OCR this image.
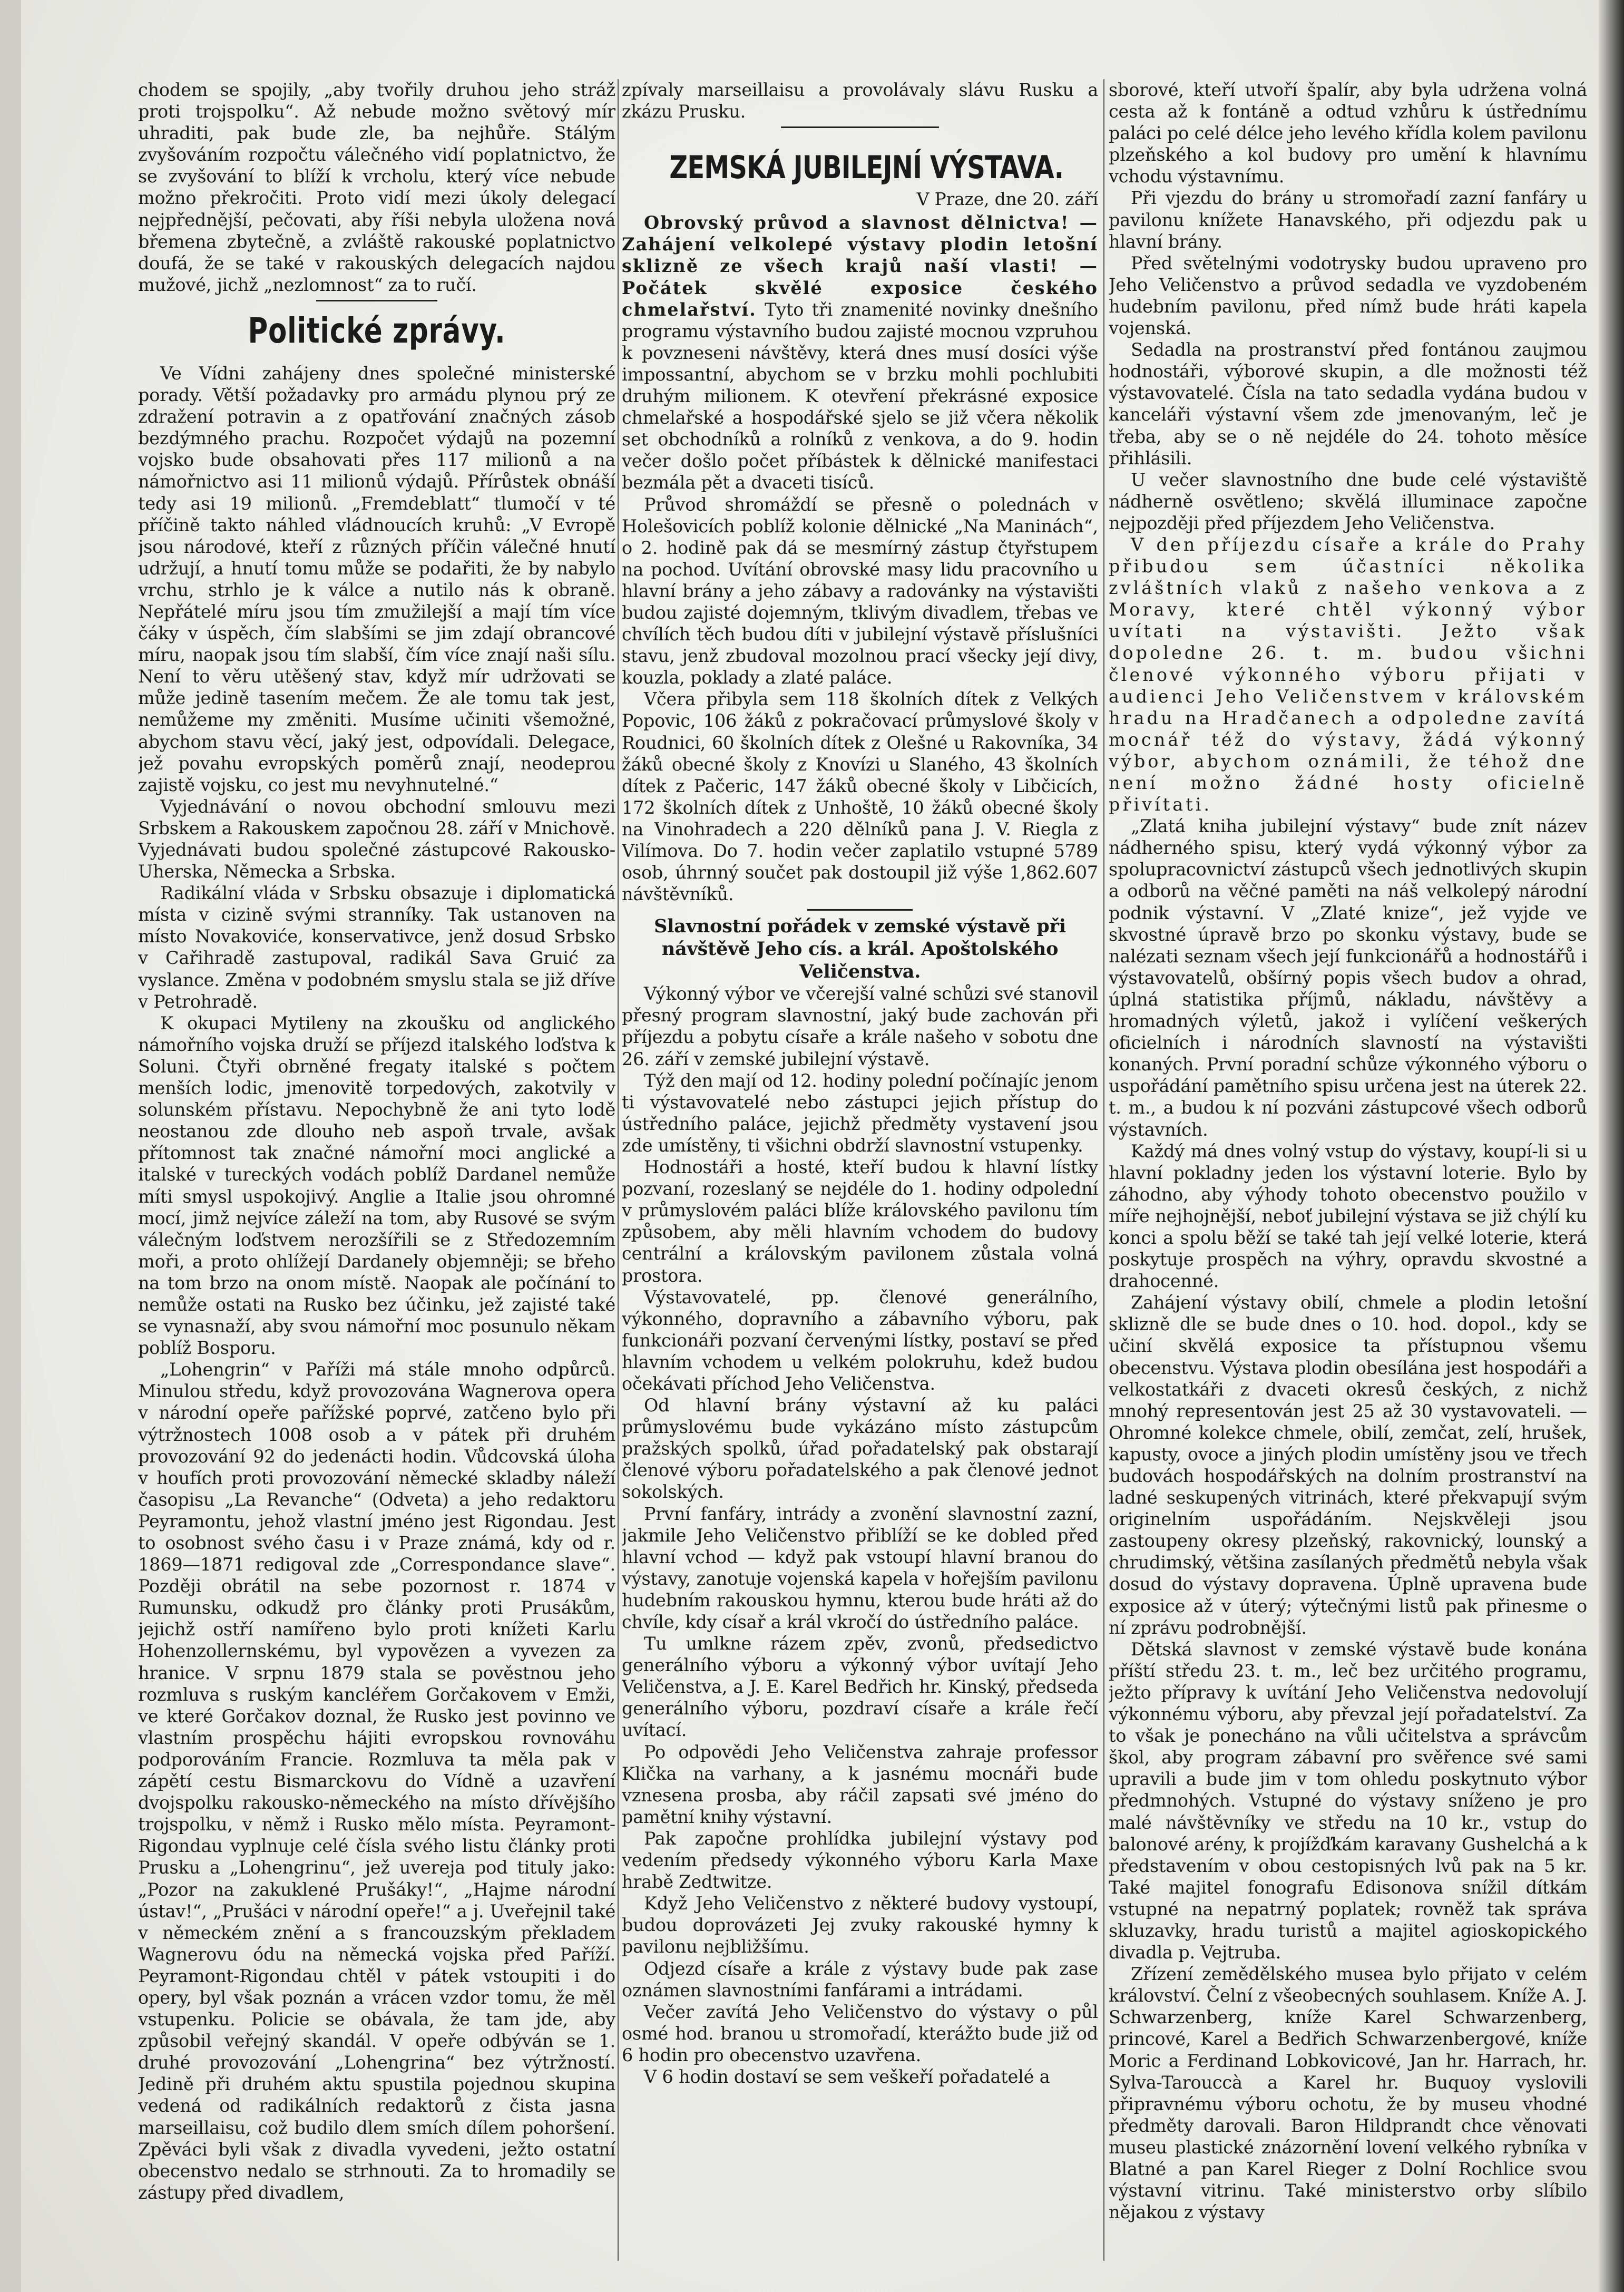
chodem se spojily, „aby tvořily druhou jeho stráž proti trojspolku“. Až nebude možno světový mír uhraditi, pak bude zle, ba nejhůře. Stálým zvyšováním rozpočtu válečného vidí poplatnictvo, že se zvyšování to blíží k vrcholu, který více nebude možno překročiti. Proto vidí mezi úkoly delegací nejpřednější, pečovati, aby říši nebyla uložena nová břemena zbytečně, a zvláště rakouské poplatnictvo doufá, že se také v rakouských delegacích najdou mužové, jichž „nezlomnost“ za to ručí.

Politické zprávy.

Ve Vídni zahájeny dnes společné ministerské porady. Větší požadavky pro armádu plynou prý ze zdražení potravin a z opatřování značných zásob bezdýmného prachu. Rozpočet výdajů na pozemní vojsko bude obsahovati přes 117 milionů a na námořnictvo asi 11 milionů výdajů. Přírůstek obnáší tedy asi 19 milionů. „Fremdeblatt“ tlumočí v té příčině takto náhled vládnoucích kruhů: „V Evropě jsou národové, kteří z různých příčin válečné hnutí udržují, a hnutí tomu může se podařiti, že by nabylo vrchu, strhlo je k válce a nutilo nás k obraně. Nepřátelé míru jsou tím zmužilejší a mají tím více čáky v úspěch, čím slabšími se jim zdají obrancové míru, naopak jsou tím slabší, čím více znají naši sílu. Není to věru utěšený stav, když mír udržovati se může jedině tasením mečem. Že ale tomu tak jest, nemůžeme my změniti. Musíme učiniti všemožné, abychom stavu věcí, jaký jest, odpovídali. Delegace, jež povahu evropských poměrů znají, neodeprou zajistě vojsku, co jest mu nevyhnutelné.“

Vyjednávání o novou obchodní smlouvu mezi Srbskem a Rakouskem započnou 28. září v Mnichově. Vyjednávati budou společné zástupcové Rakousko-Uherska, Německa a Srbska.

Radikální vláda v Srbsku obsazuje i diplomatická místa v cizině svými stranníky. Tak ustanoven na místo Novakoviće, konservativce, jenž dosud Srbsko v Cařihradě zastupoval, radikál Sava Gruić za vyslance. Změna v podobném smyslu stala se již dříve v Petrohradě.

K okupaci Mytileny na zkoušku od anglického námořního vojska druží se příjezd italského loďstva k Soluni. Čtyři obrněné fregaty italské s počtem menších lodic, jmenovitě torpedových, zakotvily v solunském přístavu. Nepochybně že ani tyto lodě neostanou zde dlouho neb aspoň trvale, avšak přítomnost tak značné námořní moci anglické a italské v tureckých vodách poblíž Dardanel nemůže míti smysl uspokojivý. Anglie a Italie jsou ohromné mocí, jimž nejvíce záleží na tom, aby Rusové se svým válečným loďstvem nerozšířili se z Středozemním moři, a proto ohlížejí Dardanely objemněji; se břeho na tom brzo na onom místě. Naopak ale počínání to nemůže ostati na Rusko bez účinku, jež zajisté také se vynasnaží, aby svou námořní moc posunulo někam poblíž Bosporu.

„Lohengrin“ v Paříži má stále mnoho odpůrců. Minulou středu, když provozována Wagnerova opera v národní opeře pařížské poprvé, zatčeno bylo při výtržnostech 1008 osob a v pátek při druhém provozování 92 do jedenácti hodin. Vůdcovská úloha v houfích proti provozování německé skladby náleží časopisu „La Revanche“ (Odveta) a jeho redaktoru Peyramontu, jehož vlastní jméno jest Rigondau. Jest to osobnost svého času i v Praze známá, kdy od r. 1869—1871 redigoval zde „Correspondance slave“. Později obrátil na sebe pozornost r. 1874 v Rumunsku, odkudž pro články proti Prusákům, jejichž ostří namířeno bylo proti knížeti Karlu Hohenzollernskému, byl vypovězen a vyvezen za hranice. V srpnu 1879 stala se pověstnou jeho rozmluva s ruským kancléřem Gorčakovem v Emži, ve které Gorčakov doznal, že Rusko jest povinno ve vlastním prospěchu hájiti evropskou rovnováhu podporováním Francie. Rozmluva ta měla pak v zápětí cestu Bismarckovu do Vídně a uzavření dvojspolku rakousko-německého na místo dřívějšího trojspolku, v němž i Rusko mělo místa. Peyramont-Rigondau vyplnuje celé čísla svého listu články proti Prusku a „Lohengrinu“, jež uvereja pod tituly jako: „Pozor na zakuklené Prušáky!“, „Hajme národní ústav!“, „Prušáci v národní opeře!“ a j. Uveřejnil také v německém znění a s francouzským překladem Wagnerovu ódu na německá vojska před Paříží. Peyramont-Rigondau chtěl v pátek vstoupiti i do opery, byl však poznán a vrácen vzdor tomu, že měl vstupenku. Policie se obávala, že tam jde, aby způsobil veřejný skandál. V opeře odbýván se 1. druhé provozování „Lohengrina“ bez výtržností. Jedině při druhém aktu spustila pojednou skupina vedená od radikálních redaktorů z čista jasna marseillaisu, což budilo dlem smích dílem pohoršení. Zpěváci byli však z divadla vyvedeni, ježto ostatní obecenstvo nedalo se strhnouti. Za to hromadily se zástupy před divadlem,

zpívaly marseillaisu a provolávaly slávu Rusku a zkázu Prusku.

ZEMSKÁ JUBILEJNÍ VÝSTAVA.
V Praze, dne 20. září

Obrovský průvod a slavnost dělnictva! — Zahájení velkolepé výstavy plodin letošní sklizně ze všech krajů naší vlasti! — Počátek skvělé exposice českého chmelařství. Tyto tři znamenité novinky dnešního programu výstavního budou zajisté mocnou vzpruhou k povzneseni návštěvy, která dnes musí dosíci výše impossantní, abychom se v brzku mohli pochlubiti druhým milionem. K otevření překrásné exposice chmelařské a hospodářské sjelo se již včera několik set obchodníků a rolníků z venkova, a do 9. hodin večer došlo počet příbástek k dělnické manifestaci bezmála pět a dvaceti tisíců.

Průvod shromáždí se přesně o polednách v Holešovicích poblíž kolonie dělnické „Na Maninách“, o 2. hodině pak dá se mesmírný zástup čtyřstupem na pochod. Uvítání obrovské masy lidu pracovního u hlavní brány a jeho zábavy a radovánky na výstavišti budou zajisté dojemným, tklivým divadlem, třebas ve chvílích těch budou díti v jubilejní výstavě příslušníci stavu, jenž zbudoval mozolnou prací všecky její divy, kouzla, poklady a zlaté paláce.

Včera přibyla sem 118 školních dítek z Velkých Popovic, 106 žáků z pokračovací průmyslové školy v Roudnici, 60 školních dítek z Olešné u Rakovníka, 34 žáků obecné školy z Knovízi u Slaného, 43 školních dítek z Pačeric, 147 žáků obecné školy v Libčicích, 172 školních dítek z Unhoště, 10 žáků obecné školy na Vinohradech a 220 dělníků pana J. V. Riegla z Vilímova. Do 7. hodin večer zaplatilo vstupné 5789 osob, úhrnný součet pak dostoupil již výše 1,862.607 návštěvníků.

Slavnostní pořádek v zemské výstavě při návštěvě Jeho cís. a král. Apoštolského Veličenstva.

Výkonný výbor ve včerejší valné schůzi své stanovil přesný program slavnostní, jaký bude zachován při příjezdu a pobytu císaře a krále našeho v sobotu dne 26. září v zemské jubilejní výstavě.

Týž den mají od 12. hodiny polední počínajíc jenom ti výstavovatelé nebo zástupci jejich přístup do ústředního paláce, jejichž předměty vystavení jsou zde umístěny, ti všichni obdrží slavnostní vstupenky.

Hodnostáři a hosté, kteří budou k hlavní lístky pozvaní, rozeslaný se nejdéle do 1. hodiny odpolední v průmyslovém paláci blíže královského pavilonu tím způsobem, aby měli hlavním vchodem do budovy centrální a královským pavilonem zůstala volná prostora.

Výstavovatelé, pp. členové generálního, výkonného, dopravního a zábavního výboru, pak funkcionáři pozvaní červenými lístky, postaví se před hlavním vchodem u velkém polokruhu, kdež budou očekávati příchod Jeho Veličenstva.

Od hlavní brány výstavní až ku paláci průmyslovému bude vykázáno místo zástupcům pražských spolků, úřad pořadatelský pak obstarají členové výboru pořadatelského a pak členové jednot sokolských.

První fanfáry, intrády a zvonění slavnostní zazní, jakmile Jeho Veličenstvo přiblíží se ke dobled před hlavní vchod — když pak vstoupí hlavní branou do výstavy, zanotuje vojenská kapela v hořejším pavilonu hudebním rakouskou hymnu, kterou bude hráti až do chvíle, kdy císař a král vkročí do ústředního paláce.

Tu umlkne rázem zpěv, zvonů, předsedictvo generálního výboru a výkonný výbor uvítají Jeho Veličenstva, a J. E. Karel Bedřich hr. Kinský, předseda generálního výboru, pozdraví císaře a krále řečí uvítací.

Po odpovědi Jeho Veličenstva zahraje professor Klička na varhany, a k jasnému mocnáři bude vznesena prosba, aby ráčil zapsati své jméno do pamětní knihy výstavní.

Pak započne prohlídka jubilejní výstavy pod vedením předsedy výkonného výboru Karla Maxe hrabě Zedtwitze.

Když Jeho Veličenstvo z některé budovy vystoupí, budou doprovázeti Jej zvuky rakouské hymny k pavilonu nejbližšímu.

Odjezd císaře a krále z výstavy bude pak zase oznámen slavnostními fanfárami a intrádami.

Večer zavítá Jeho Veličenstvo do výstavy o půl osmé hod. branou u stromořadí, kterážto bude již od 6 hodin pro obecenstvo uzavřena.

V 6 hodin dostaví se sem veškeří pořadatelé a

sborové, kteří utvoří špalír, aby byla udržena volná cesta až k fontáně a odtud vzhůru k ústřednímu paláci po celé délce jeho levého křídla kolem pavilonu plzeňského a kol budovy pro umění k hlavnímu vchodu výstavnímu.

Při vjezdu do brány u stromořadí zazní fanfáry u pavilonu knížete Hanavského, při odjezdu pak u hlavní brány.

Před světelnými vodotrysky budou upraveno pro Jeho Veličenstvo a průvod sedadla ve vyzdobeném hudebním pavilonu, před nímž bude hráti kapela vojenská.

Sedadla na prostranství před fontánou zaujmou hodnostáři, výborové skupin, a dle možnosti též výstavovatelé. Čísla na tato sedadla vydána budou v kanceláři výstavní všem zde jmenovaným, leč je třeba, aby se o ně nejdéle do 24. tohoto měsíce přihlásili.

U večer slavnostního dne bude celé výstaviště nádherně osvětleno; skvělá illuminace započne nejpozději před příjezdem Jeho Veličenstva.

V den příjezdu císaře a krále do Prahy přibudou sem účastníci několika zvláštních vlaků z našeho venkova a z Moravy, které chtěl výkonný výbor uvítati na výstavišti. Ježto však dopoledne 26. t. m. budou všichni členové výkonného výboru přijati v audienci Jeho Veličenstvem v královském hradu na Hradčanech a odpoledne zavítá mocnář též do výstavy, žádá výkonný výbor, abychom oznámili, že téhož dne není možno žádné hosty oficielně přivítati.

„Zlatá kniha jubilejní výstavy“ bude znít název nádherného spisu, který vydá výkonný výbor za spolupracovnictví zástupců všech jednotlivých skupin a odborů na věčné paměti na náš velkolepý národní podnik výstavní. V „Zlaté knize“, jež vyjde ve skvostné úpravě brzo po skonku výstavy, bude se nalézati seznam všech její funkcionářů a hodnostářů i výstavovatelů, obšírný popis všech budov a ohrad, úplná statistika příjmů, nákladu, návštěvy a hromadných výletů, jakož i vylíčení veškerých oficielních i národních slavností na výstavišti konaných. První poradní schůze výkonného výboru o uspořádání pamětního spisu určena jest na úterek 22. t. m., a budou k ní pozváni zástupcové všech odborů výstavních.

Každý má dnes volný vstup do výstavy, koupí-li si u hlavní pokladny jeden los výstavní loterie. Bylo by záhodno, aby výhody tohoto obecenstvo použilo v míře nejhojnější, neboť jubilejní výstava se již chýlí ku konci a spolu běží se také tah její velké loterie, která poskytuje prospěch na výhry, opravdu skvostné a drahocenné.

Zahájení výstavy obilí, chmele a plodin letošní sklizně dle se bude dnes o 10. hod. dopol., kdy se učiní skvělá exposice ta přístupnou všemu obecenstvu. Výstava plodin obesílána jest hospodáři a velkostatkáři z dvaceti okresů českých, z nichž mnohý representován jest 25 až 30 vystavovateli. — Ohromné kolekce chmele, obilí, zemčat, zelí, hrušek, kapusty, ovoce a jiných plodin umístěny jsou ve třech budovách hospodářských na dolním prostranství na ladné seskupených vitrinách, které překvapují svým originelním uspořádáním. Nejskvěleji jsou zastoupeny okresy plzeňský, rakovnický, lounský a chrudimský, většina zasílaných předmětů nebyla však dosud do výstavy dopravena. Úplně upravena bude exposice až v úterý; výtečnými listů pak přinesme o ní zprávu podrobnější.

Dětská slavnost v zemské výstavě bude konána příští středu 23. t. m., leč bez určitého programu, ježto přípravy k uvítání Jeho Veličenstva nedovolují výkonnému výboru, aby převzal její pořadatelství. Za to však je ponecháno na vůli učitelstva a správcům škol, aby program zábavní pro svěřence své sami upravili a bude jim v tom ohledu poskytnuto výbor předmnohých. Vstupné do výstavy sníženo je pro malé návštěvníky ve středu na 10 kr., vstup do balonové arény, k projížďkám karavany Gushelchá a k představením v obou cestopisných lvů pak na 5 kr. Také majitel fonografu Edisonova snížil dítkám vstupné na nepatrný poplatek; rovněž tak správa skluzavky, hradu turistů a majitel agioskopického divadla p. Vejtruba.

Zřízení zemědělského musea bylo přijato v celém království. Čelní z všeobecných souhlasem. Kníže A. J. Schwarzenberg, kníže Karel Schwarzenberg, princové, Karel a Bedřich Schwarzenbergové, kníže Moric a Ferdinand Lobkovicové, Jan hr. Harrach, hr. Sylva-Tarouccà a Karel hr. Buquoy vyslovili připravnému výboru ochotu, že by museu vhodné předměty darovali. Baron Hildprandt chce věnovati museu plastické znázornění lovení velkého rybníka v Blatné a pan Karel Rieger z Dolní Rochlice svou výstavní vitrinu. Také ministerstvo orby slíbilo nějakou z výstavy
